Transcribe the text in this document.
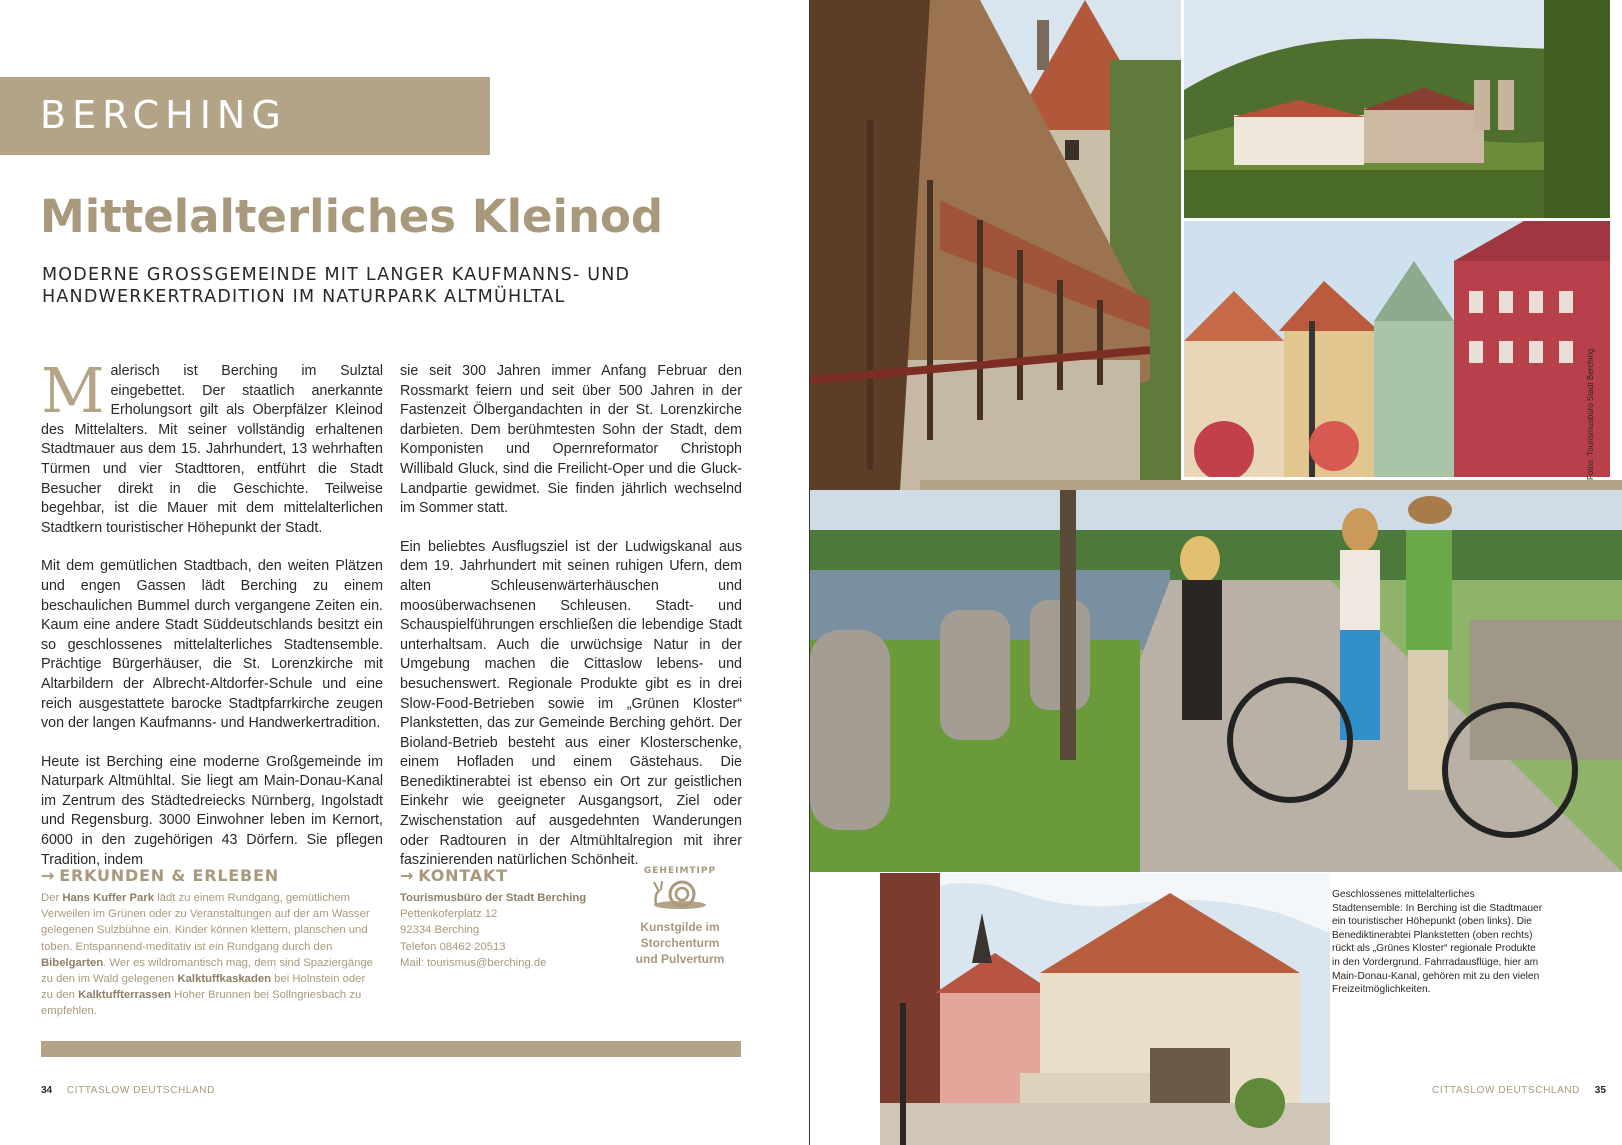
BERCHING
Mittelalterliches Kleinod
MODERNE GROSSGEMEINDE MIT LANGER KAUFMANNS- UND
HANDWERKERTRADITION IM NATURPARK ALTMÜHLTAL

Malerisch ist Berching im Sulztal eingebettet. Der staatlich anerkannte Erholungsort gilt als Oberpfälzer Kleinod des Mittelalters. Mit seiner vollständig erhaltenen Stadtmauer aus dem 15. Jahrhundert, 13 wehrhaften Türmen und vier Stadttoren, entführt die Stadt Besucher direkt in die Geschichte. Teilweise begehbar, ist die Mauer mit dem mittelalterlichen Stadtkern touristischer Höhepunkt der Stadt.

Mit dem gemütlichen Stadtbach, den weiten Plätzen und engen Gassen lädt Berching zu einem beschaulichen Bummel durch vergangene Zeiten ein. Kaum eine andere Stadt Süddeutschlands besitzt ein so geschlossenes mittelalterliches Stadtensemble. Prächtige Bürgerhäuser, die St. Lorenzkirche mit Altarbildern der Albrecht-Altdorfer-Schule und eine reich ausgestattete barocke Stadtpfarrkirche zeugen von der langen Kaufmanns- und Handwerkertradition.

Heute ist Berching eine moderne Großgemeinde im Naturpark Altmühltal. Sie liegt am Main-Donau-Kanal im Zentrum des Städtedreiecks Nürnberg, Ingolstadt und Regensburg. 3000 Einwohner leben im Kernort, 6000 in den zugehörigen 43 Dörfern. Sie pflegen Tradition, indem

sie seit 300 Jahren immer Anfang Februar den Rossmarkt feiern und seit über 500 Jahren in der Fastenzeit Ölbergandachten in der St. Lorenzkirche darbieten. Dem berühmtesten Sohn der Stadt, dem Komponisten und Opernreformator Christoph Willibald Gluck, sind die Freilicht-Oper und die Gluck-Landpartie gewidmet. Sie finden jährlich wechselnd im Sommer statt.

Ein beliebtes Ausflugsziel ist der Ludwigskanal aus dem 19. Jahrhundert mit seinen ruhigen Ufern, dem alten Schleusenwärterhäuschen und moosüberwachsenen Schleusen. Stadt- und Schauspielführungen erschließen die lebendige Stadt unterhaltsam. Auch die urwüchsige Natur in der Umgebung machen die Cittaslow lebens- und besuchenswert. Regionale Produkte gibt es in drei Slow-Food-Betrieben sowie im „Grünen Kloster“ Plankstetten, das zur Gemeinde Berching gehört. Der Bioland-Betrieb besteht aus einer Klosterschenke, einem Hofladen und einem Gästehaus. Die Benediktinerabtei ist ebenso ein Ort zur geistlichen Einkehr wie geeigneter Ausgangsort, Ziel oder Zwischenstation auf ausgedehnten Wanderungen oder Radtouren in der Altmühltalregion mit ihrer faszinierenden natürlichen Schönheit.

→ ERKUNDEN & ERLEBEN
Der Hans Kuffer Park lädt zu einem Rundgang, gemütlichem Verweilen im Grünen oder zu Veranstaltungen auf der am Wasser gelegenen Sulzbühne ein. Kinder können klettern, planschen und toben. Entspannend-meditativ ist ein Rundgang durch den Bibelgarten. Wer es wildromantisch mag, dem sind Spaziergänge zu den im Wald gelegenen Kalktuffkaskaden bei Holnstein oder zu den Kalktuffterrassen Hoher Brunnen bei Sollngriesbach zu empfehlen.
→ KONTAKT
Tourismusbüro der Stadt Berching
Pettenkoferplatz 12
92334 Berching
Telefon 08462 20513
Mail: tourismus@berching.de
GEHEIMTIPP
Kunstgilde im
Storchenturm
und Pulverturm
34 CITTASLOW DEUTSCHLAND
Fotos: Tourismusbüro Stadt Berching
Geschlossenes mittelalterliches Stadtensemble: In Berching ist die Stadtmauer ein touristischer Höhepunkt (oben links). Die Benediktinerabtei Plankstetten (oben rechts) rückt als „Grünes Kloster“ regionale Produkte in den Vordergrund. Fahrradausflüge, hier am Main-Donau-Kanal, gehören mit zu den vielen Freizeitmöglichkeiten.
CITTASLOW DEUTSCHLAND 35
